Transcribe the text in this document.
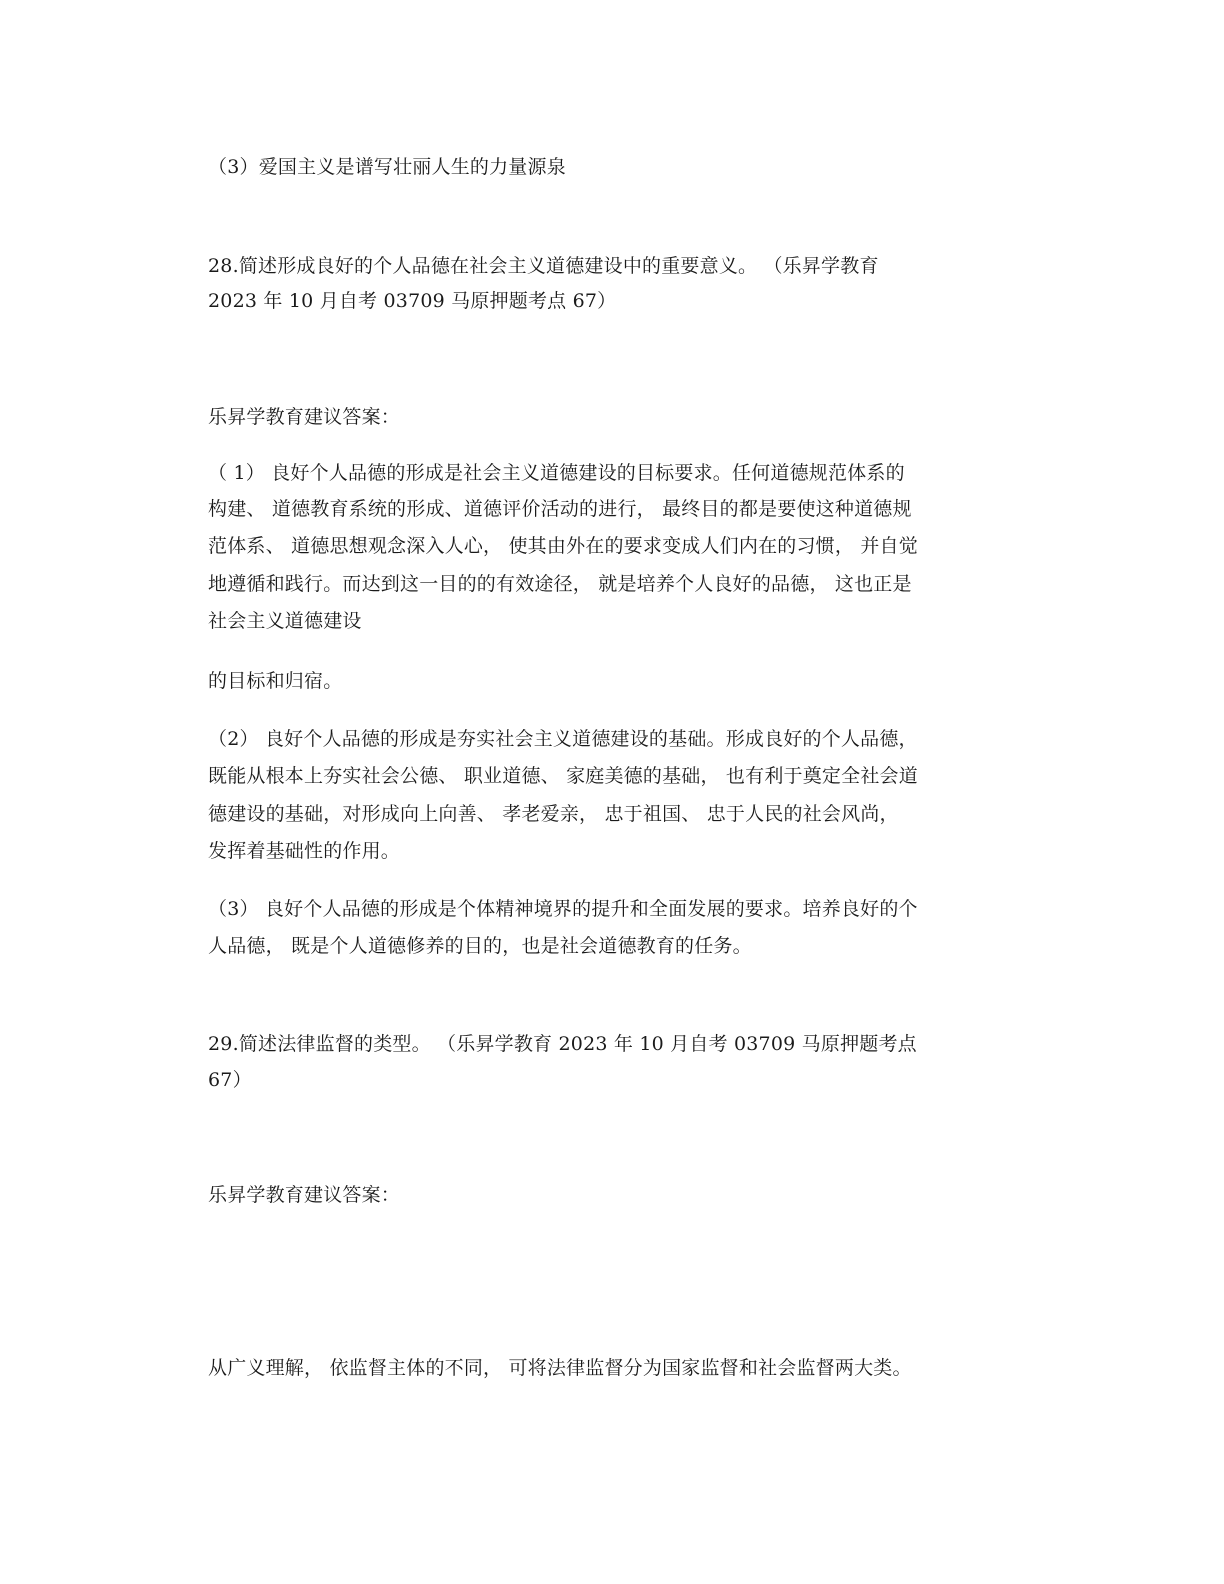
（3）爱国主义是谱写壮丽人生的力量源泉
28.简述形成良好的个人品德在社会主义道德建设中的重要意义。 （乐昇学教育
2023 年 10 月自考 03709 马原押题考点 67）
乐昇学教育建议答案：
（ 1） 良好个人品德的形成是社会主义道德建设的目标要求。任何道德规范体系的
构建、 道德教育系统的形成、道德评价活动的进行， 最终目的都是要使这种道德规
范体系、 道德思想观念深入人心， 使其由外在的要求变成人们内在的习惯， 并自觉
地遵循和践行。而达到这一目的的有效途径， 就是培养个人良好的品德， 这也正是
社会主义道德建设
的目标和归宿。
（2） 良好个人品德的形成是夯实社会主义道德建设的基础。形成良好的个人品德，
既能从根本上夯实社会公德、 职业道德、 家庭美德的基础， 也有利于奠定全社会道
德建设的基础，对形成向上向善、 孝老爱亲， 忠于祖国、 忠于人民的社会风尚，
发挥着基础性的作用。
（3） 良好个人品德的形成是个体精神境界的提升和全面发展的要求。培养良好的个
人品德， 既是个人道德修养的目的，也是社会道德教育的任务。
29.简述法律监督的类型。 （乐昇学教育 2023 年 10 月自考 03709 马原押题考点
67）
乐昇学教育建议答案：
从广义理解， 依监督主体的不同， 可将法律监督分为国家监督和社会监督两大类。
